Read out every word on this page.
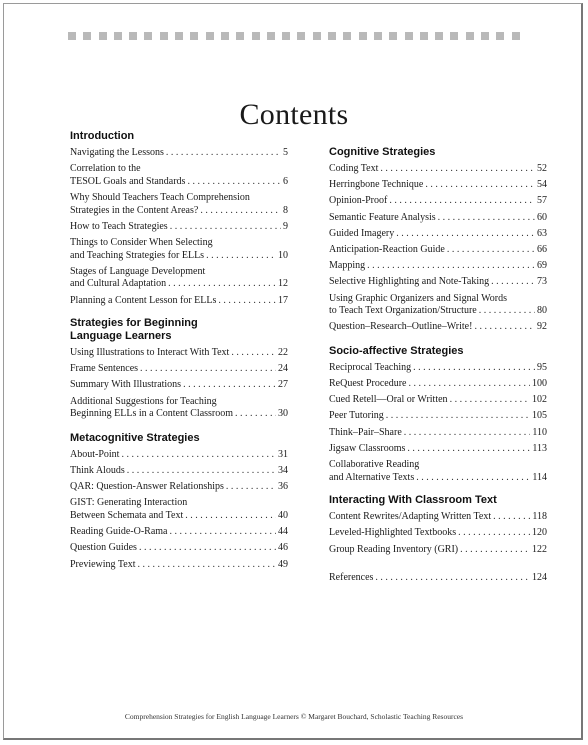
Contents
Introduction
Navigating the Lessons . . .	5
Correlation to the
TESOL Goals and Standards . . .	6
Why Should Teachers Teach Comprehension
Strategies in the Content Areas? . . .	8
How to Teach Strategies . . .	9
Things to Consider When Selecting
and Teaching Strategies for ELLs . . .	10
Stages of Language Development
and Cultural Adaptation . . .	12
Planning a Content Lesson for ELLs . . .	17
Strategies for Beginning
Language Learners
Using Illustrations to Interact With Text . . .	22
Frame Sentences . . .	24
Summary With Illustrations . . .	27
Additional Suggestions for Teaching
Beginning ELLs in a Content Classroom . . .	30
Metacognitive Strategies
About-Point . . .	31
Think Alouds . . .	34
QAR: Question-Answer Relationships . . .	36
GIST: Generating Interaction
Between Schemata and Text . . .	40
Reading Guide-O-Rama . . .	44
Question Guides . . .	46
Previewing Text . . .	49
Cognitive Strategies
Coding Text . . .	52
Herringbone Technique . . .	54
Opinion-Proof . . .	57
Semantic Feature Analysis . . .	60
Guided Imagery . . .	63
Anticipation-Reaction Guide . . .	66
Mapping . . .	69
Selective Highlighting and Note-Taking . . .	73
Using Graphic Organizers and Signal Words
to Teach Text Organization/Structure . . .	80
Question–Research–Outline–Write! . . .	92
Socio-affective Strategies
Reciprocal Teaching . . .	95
ReQuest Procedure . . .	100
Cued Retell—Oral or Written . . .	102
Peer Tutoring . . .	105
Think–Pair–Share . . .	110
Jigsaw Classrooms . . .	113
Collaborative Reading
and Alternative Texts . . .	114
Interacting With Classroom Text
Content Rewrites/Adapting Written Text . . .	118
Leveled-Highlighted Textbooks . . .	120
Group Reading Inventory (GRI) . . .	122
References . . .	124
Comprehension Strategies for English Language Learners © Margaret Bouchard, Scholastic Teaching Resources
